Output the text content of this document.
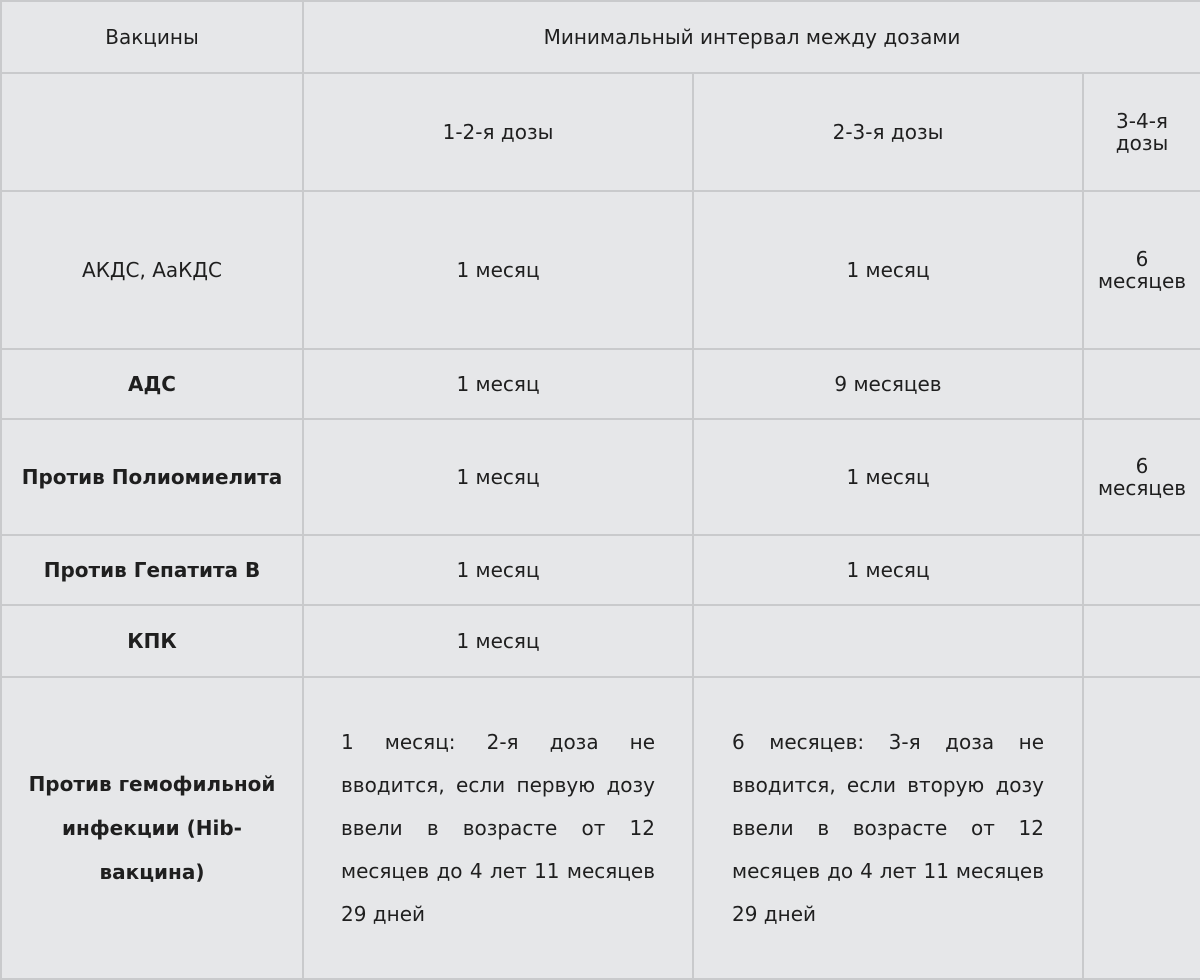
Вакцины	Минимальный интервал между дозами		
	1-2-я дозы	2-3-я дозы	3-4-я дозы
АКДС, АаКДС	1 месяц	1 месяц	6 месяцев
АДС	1 месяц	9 месяцев	
Против Полиомиелита	1 месяц	1 месяц	6 месяцев
Против Гепатита В	1 месяц	1 месяц	
КПК	1 месяц		
Против гемофильной инфекции (Hib-вакцина)	1 месяц: 2-я доза не вводится, если первую дозу ввели в возрасте от 12 месяцев до 4 лет 11 месяцев 29 дней	6 месяцев: 3-я доза не вводится, если вторую дозу ввели в возрасте от 12 месяцев до 4 лет 11 месяцев 29 дней	
